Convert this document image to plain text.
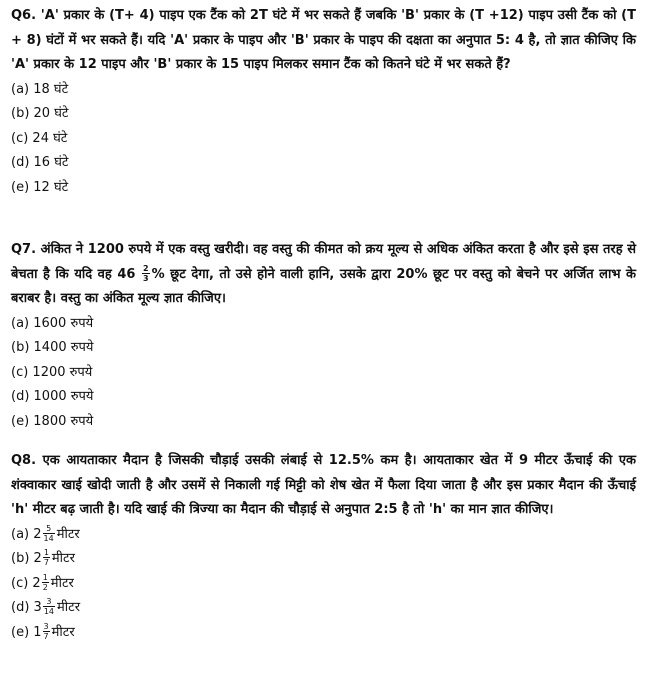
Q6. 'A' प्रकार के (T+ 4) पाइप एक टैंक को 2T घंटे में भर सकते हैं जबकि 'B' प्रकार के (T +12) पाइप उसी टैंक को (T + 8) घंटों में भर सकते हैं। यदि 'A' प्रकार के पाइप और 'B' प्रकार के पाइप की दक्षता का अनुपात 5: 4 है, तो ज्ञात कीजिए कि 'A' प्रकार के 12 पाइप और 'B' प्रकार के 15 पाइप मिलकर समान टैंक को कितने घंटे में भर सकते हैं?

(a) 18 घंटे

(b) 20 घंटे

(c) 24 घंटे

(d) 16 घंटे

(e) 12 घंटे

Q7. अंकित ने 1200 रुपये में एक वस्तु खरीदी। वह वस्तु की कीमत को क्रय मूल्य से अधिक अंकित करता है और इसे इस तरह से बेचता है कि यदि वह $46 \frac{2}{3}$ % छूट देगा, तो उसे होने वाली हानि, उसके द्वारा 20% छूट पर वस्तु को बेचने पर अर्जित लाभ के बराबर है। वस्तु का अंकित मूल्य ज्ञात कीजिए।

(a) 1600 रुपये

(b) 1400 रुपये

(c) 1200 रुपये

(d) 1000 रुपये

(e) 1800 रुपये

Q8. एक आयताकार मैदान है जिसकी चौड़ाई उसकी लंबाई से 12.5% कम है। आयताकार खेत में 9 मीटर ऊँचाई की एक शंक्वाकार खाई खोदी जाती है और उसमें से निकाली गई मिट्टी को शेष खेत में फैला दिया जाता है और इस प्रकार मैदान की ऊँचाई 'h' मीटर बढ़ जाती है। यदि खाई की त्रिज्या का मैदान की चौड़ाई से अनुपात 2:5 है तो 'h' का मान ज्ञात कीजिए।

(a) $2 \frac{5}{14}$ मीटर

(b) $2 \frac{1}{7}$ मीटर

(c) $2 \frac{1}{2}$ मीटर

(d) $3 \frac{3}{14}$ मीटर

(e) $1 \frac{3}{7}$ मीटर
